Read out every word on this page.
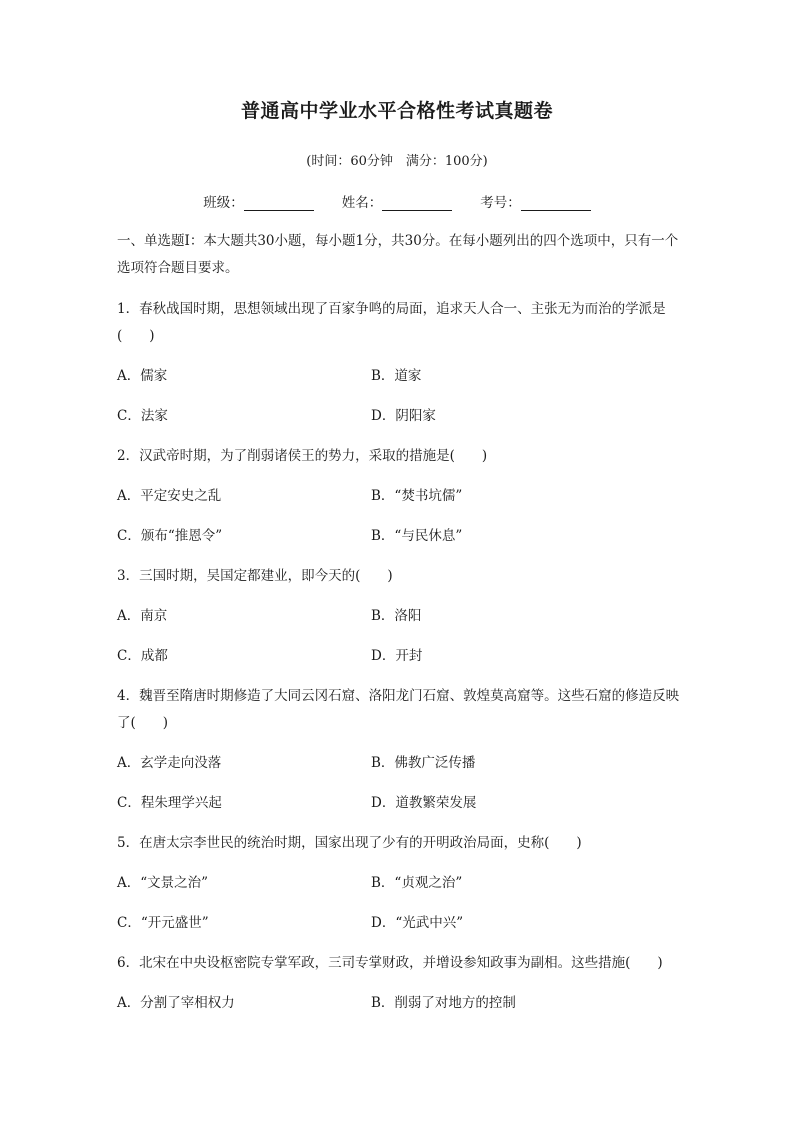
普通高中学业水平合格性考试真题卷
(时间：60分钟　满分：100分)
班级：	姓名：	考号：
一、单选题Ⅰ：本大题共30小题，每小题1分，共30分。在每小题列出的四个选项中，只有一个选项符合题目要求。
1．春秋战国时期，思想领域出现了百家争鸣的局面，追求天人合一、主张无为而治的学派是(　　)
A．儒家	B．道家
C．法家	D．阴阳家
2．汉武帝时期，为了削弱诸侯王的势力，采取的措施是(　　)
A．平定安史之乱	B．“焚书坑儒”
C．颁布“推恩令”	B．“与民休息”
3．三国时期，吴国定都建业，即今天的(　　)
A．南京	B．洛阳
C．成都	D．开封
4．魏晋至隋唐时期修造了大同云冈石窟、洛阳龙门石窟、敦煌莫高窟等。这些石窟的修造反映了(　　)
A．玄学走向没落	B．佛教广泛传播
C．程朱理学兴起	D．道教繁荣发展
5．在唐太宗李世民的统治时期，国家出现了少有的开明政治局面，史称(　　)
A．“文景之治”	B．“贞观之治”
C．“开元盛世”	D．“光武中兴”
6．北宋在中央设枢密院专掌军政，三司专掌财政，并增设参知政事为副相。这些措施(　　)
A．分割了宰相权力	B．削弱了对地方的控制
